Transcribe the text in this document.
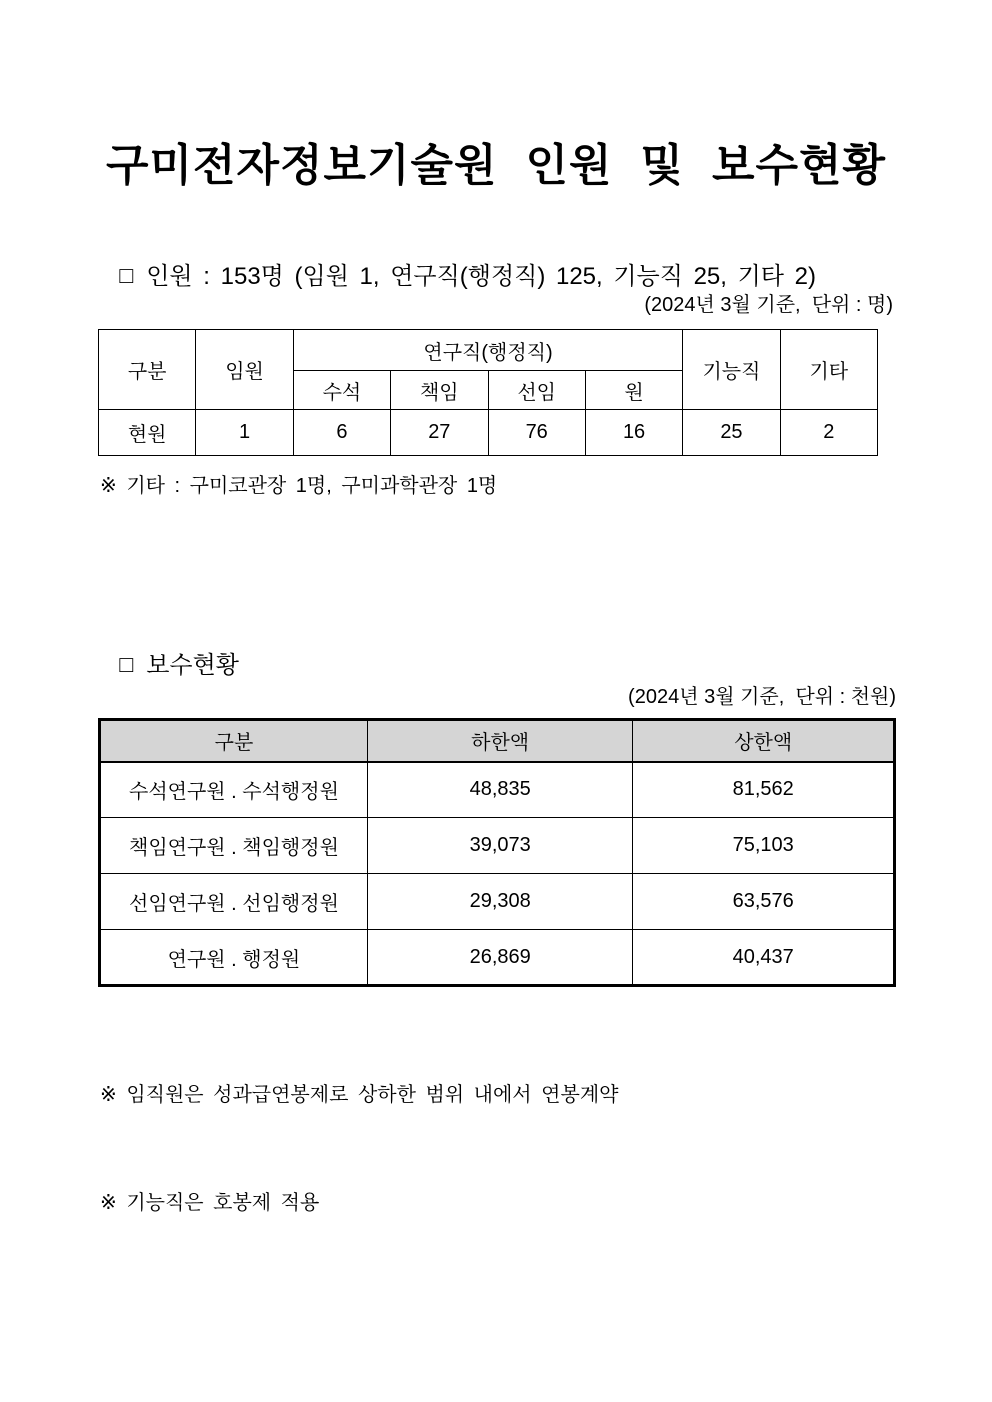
구미전자정보기술원 인원 및 보수현황

□ 인원 : 153명 (임원 1, 연구직(행정직) 125, 기능직 25, 기타 2)

(2024년 3월 기준,  단위 : 명)
구분	임원	연구직(행정직)				기능직	기타
		수석	책임	선임	원		
현원	1	6	27	76	16	25	2
※ 기타 : 구미코관장 1명, 구미과학관장 1명

□ 보수현황

(2024년 3월 기준,  단위 : 천원)
구분	하한액	상한액
수석연구원 . 수석행정원	48,835	81,562
책임연구원 . 책임행정원	39,073	75,103
선임연구원 . 선임행정원	29,308	63,576
연구원 . 행정원	26,869	40,437

※ 임직원은 성과급연봉제로 상하한 범위 내에서 연봉계약

※ 기능직은 호봉제 적용
